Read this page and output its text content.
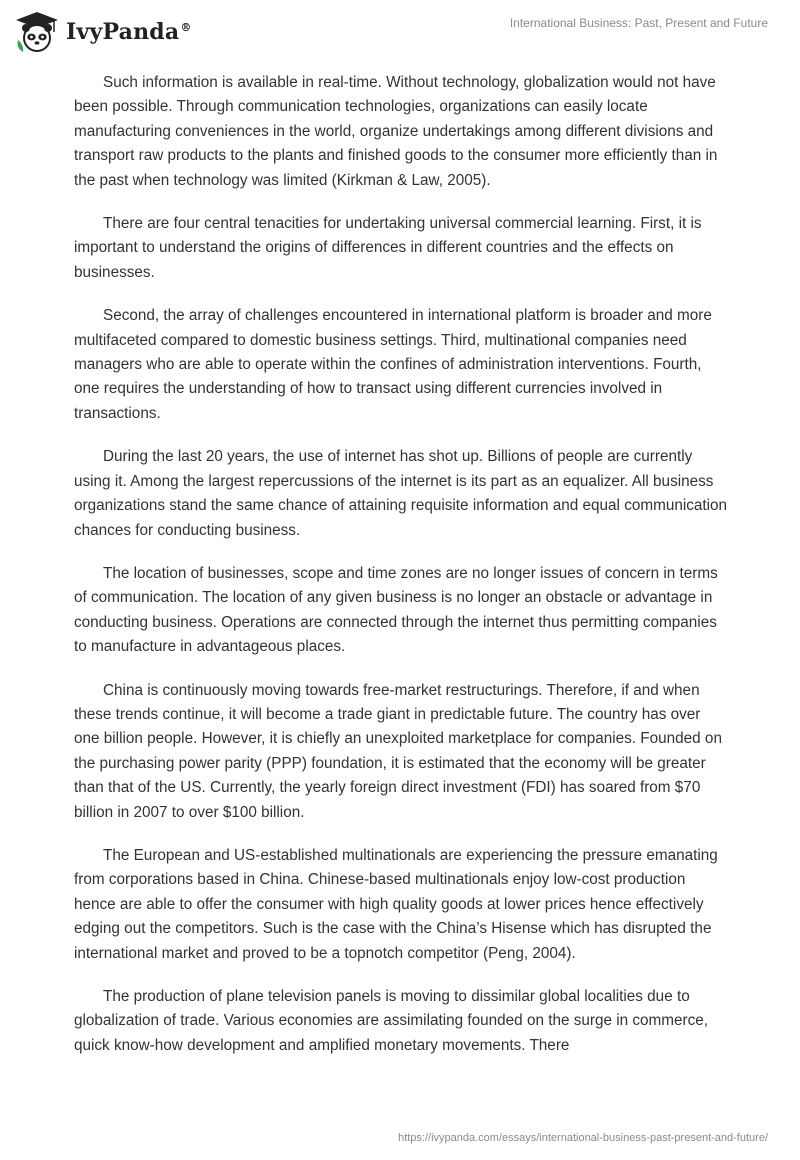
IvyPanda®	International Business: Past, Present and Future

Such information is available in real-time. Without technology, globalization would not have been possible. Through communication technologies, organizations can easily locate manufacturing conveniences in the world, organize undertakings among different divisions and transport raw products to the plants and finished goods to the consumer more efficiently than in the past when technology was limited (Kirkman & Law, 2005).

There are four central tenacities for undertaking universal commercial learning. First, it is important to understand the origins of differences in different countries and the effects on businesses.

Second, the array of challenges encountered in international platform is broader and more multifaceted compared to domestic business settings. Third, multinational companies need managers who are able to operate within the confines of administration interventions. Fourth, one requires the understanding of how to transact using different currencies involved in transactions.

During the last 20 years, the use of internet has shot up. Billions of people are currently using it. Among the largest repercussions of the internet is its part as an equalizer. All business organizations stand the same chance of attaining requisite information and equal communication chances for conducting business.

The location of businesses, scope and time zones are no longer issues of concern in terms of communication. The location of any given business is no longer an obstacle or advantage in conducting business. Operations are connected through the internet thus permitting companies to manufacture in advantageous places.

China is continuously moving towards free-market restructurings. Therefore, if and when these trends continue, it will become a trade giant in predictable future. The country has over one billion people. However, it is chiefly an unexploited marketplace for companies. Founded on the purchasing power parity (PPP) foundation, it is estimated that the economy will be greater than that of the US. Currently, the yearly foreign direct investment (FDI) has soared from $70 billion in 2007 to over $100 billion.

The European and US-established multinationals are experiencing the pressure emanating from corporations based in China. Chinese-based multinationals enjoy low-cost production hence are able to offer the consumer with high quality goods at lower prices hence effectively edging out the competitors. Such is the case with the China’s Hisense which has disrupted the international market and proved to be a topnotch competitor (Peng, 2004).

The production of plane television panels is moving to dissimilar global localities due to globalization of trade. Various economies are assimilating founded on the surge in commerce, quick know-how development and amplified monetary movements. There

https://ivypanda.com/essays/international-business-past-present-and-future/
